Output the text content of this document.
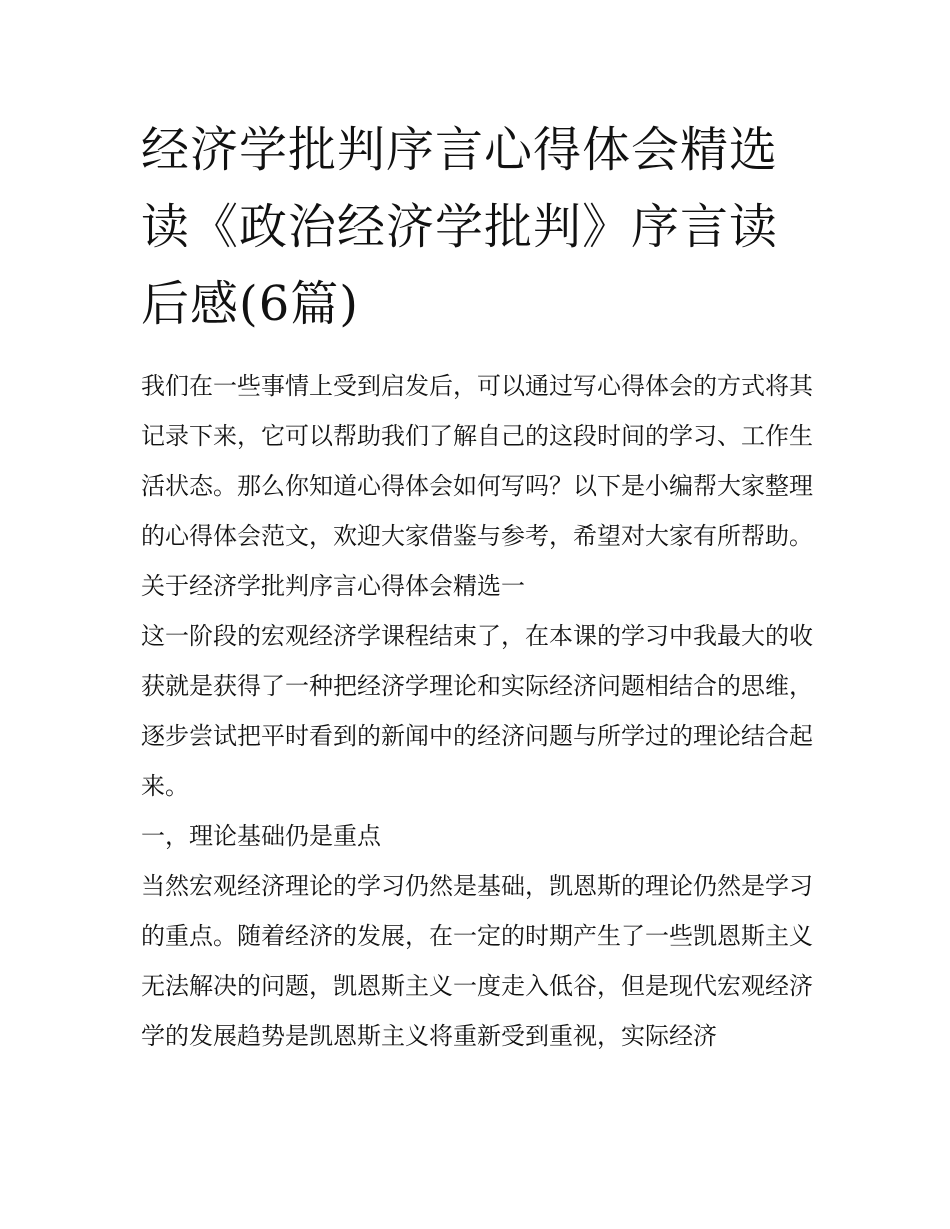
经济学批判序言心得体会精选读《政治经济学批判》序言读后感(6篇)

我们在一些事情上受到启发后，可以通过写心得体会的方式将其记录下来，它可以帮助我们了解自己的这段时间的学习、工作生活状态。那么你知道心得体会如何写吗？以下是小编帮大家整理的心得体会范文，欢迎大家借鉴与参考，希望对大家有所帮助。

关于经济学批判序言心得体会精选一

这一阶段的宏观经济学课程结束了，在本课的学习中我最大的收获就是获得了一种把经济学理论和实际经济问题相结合的思维，逐步尝试把平时看到的新闻中的经济问题与所学过的理论结合起来。

一，理论基础仍是重点

当然宏观经济理论的学习仍然是基础，凯恩斯的理论仍然是学习的重点。随着经济的发展，在一定的时期产生了一些凯恩斯主义无法解决的问题，凯恩斯主义一度走入低谷，但是现代宏观经济学的发展趋势是凯恩斯主义将重新受到重视，实际经济
